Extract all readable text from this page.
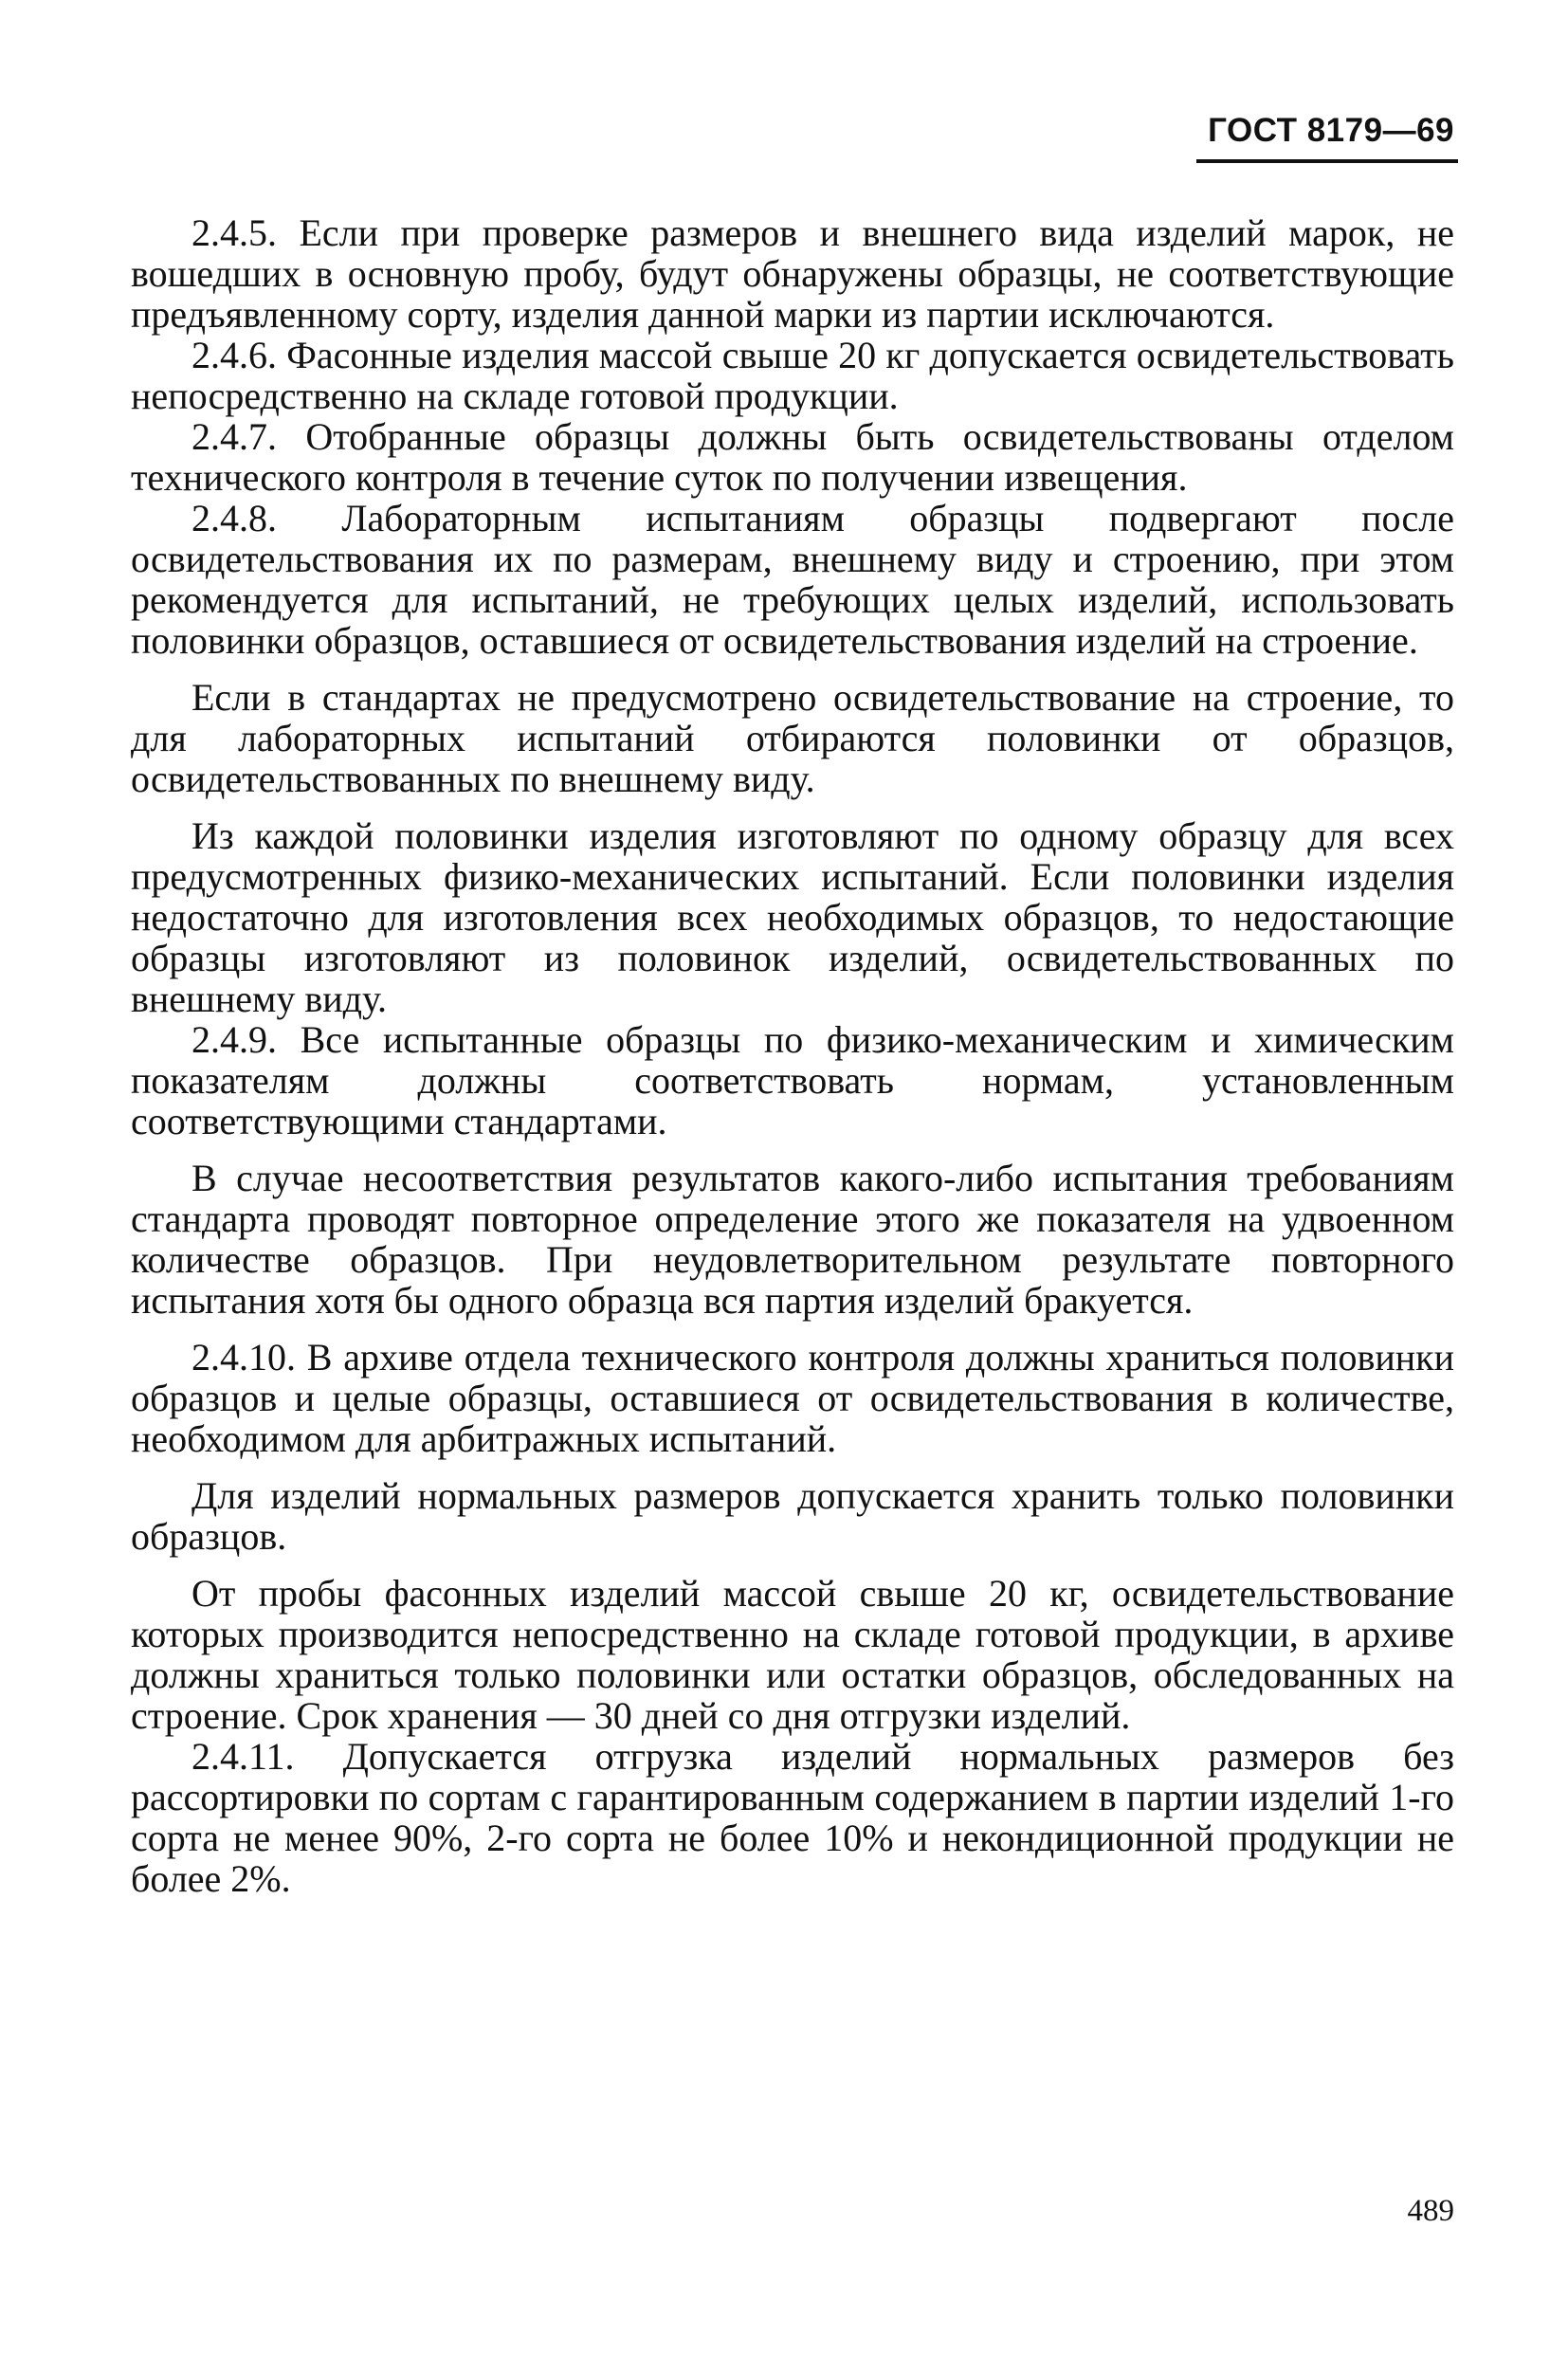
ГОСТ 8179—69

2.4.5. Если при проверке размеров и внешнего вида изделий марок, не вошедших в основную пробу, будут обнаружены образцы, не соответствующие предъявленному сорту, изделия данной марки из партии исключаются.

2.4.6. Фасонные изделия массой свыше 20 кг допускается освидетельствовать непосредственно на складе готовой продукции.

2.4.7. Отобранные образцы должны быть освидетельствованы отделом технического контроля в течение суток по получении извещения.

2.4.8. Лабораторным испытаниям образцы подвергают после освидетельствования их по размерам, внешнему виду и строению, при этом рекомендуется для испытаний, не требующих целых изделий, использовать половинки образцов, оставшиеся от освидетельствования изделий на строение.

Если в стандартах не предусмотрено освидетельствование на строение, то для лабораторных испытаний отбираются половинки от образцов, освидетельствованных по внешнему виду.

Из каждой половинки изделия изготовляют по одному образцу для всех предусмотренных физико-механических испытаний. Если половинки изделия недостаточно для изготовления всех необходимых образцов, то недостающие образцы изготовляют из половинок изделий, освидетельствованных по внешнему виду.

2.4.9. Все испытанные образцы по физико-механическим и химическим показателям должны соответствовать нормам, установленным соответствующими стандартами.

В случае несоответствия результатов какого-либо испытания требованиям стандарта проводят повторное определение этого же показателя на удвоенном количестве образцов. При неудовлетворительном результате повторного испытания хотя бы одного образца вся партия изделий бракуется.

2.4.10. В архиве отдела технического контроля должны храниться половинки образцов и целые образцы, оставшиеся от освидетельствования в количестве, необходимом для арбитражных испытаний.

Для изделий нормальных размеров допускается хранить только половинки образцов.

От пробы фасонных изделий массой свыше 20 кг, освидетельствование которых производится непосредственно на складе готовой продукции, в архиве должны храниться только половинки или остатки образцов, обследованных на строение. Срок хранения — 30 дней со дня отгрузки изделий.

2.4.11. Допускается отгрузка изделий нормальных размеров без рассортировки по сортам с гарантированным содержанием в партии изделий 1-го сорта не менее 90%, 2-го сорта не более 10% и некондиционной продукции не более 2%.

489
